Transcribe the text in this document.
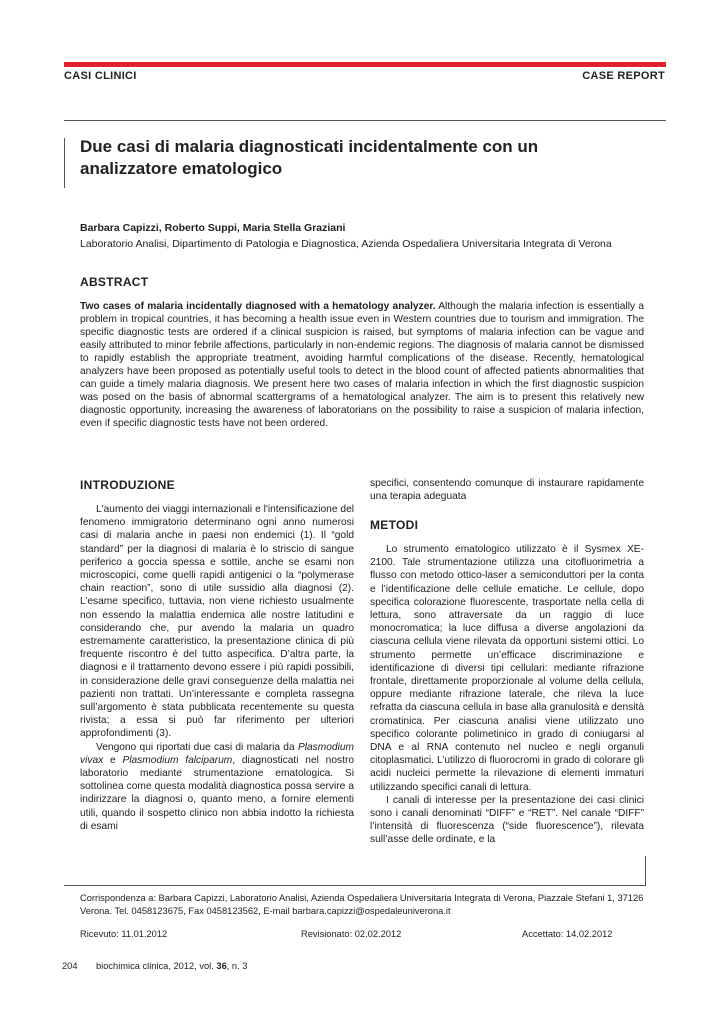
CASI CLINICI	CASE REPORT
Due casi di malaria diagnosticati incidentalmente con un analizzatore ematologico
Barbara Capizzi, Roberto Suppi, Maria Stella Graziani
Laboratorio Analisi, Dipartimento di Patologia e Diagnostica, Azienda Ospedaliera Universitaria Integrata di Verona
ABSTRACT
Two cases of malaria incidentally diagnosed with a hematology analyzer. Although the malaria infection is essentially a problem in tropical countries, it has becoming a health issue even in Western countries due to tourism and immigration. The specific diagnostic tests are ordered if a clinical suspicion is raised, but symptoms of malaria infection can be vague and easily attributed to minor febrile affections, particularly in non-endemic regions. The diagnosis of malaria cannot be dismissed to rapidly establish the appropriate treatment, avoiding harmful complications of the disease. Recently, hematological analyzers have been proposed as potentially useful tools to detect in the blood count of affected patients abnormalities that can guide a timely malaria diagnosis. We present here two cases of malaria infection in which the first diagnostic suspicion was posed on the basis of abnormal scattergrams of a hematological analyzer. The aim is to present this relatively new diagnostic opportunity, increasing the awareness of laboratorians on the possibility to raise a suspicion of malaria infection, even if specific diagnostic tests have not been ordered.
INTRODUZIONE

L'aumento dei viaggi internazionali e l'intensificazione del fenomeno immigratorio determinano ogni anno numerosi casi di malaria anche in paesi non endemici (1). Il “gold standard” per la diagnosi di malaria è lo striscio di sangue periferico a goccia spessa e sottile, anche se esami non microscopici, come quelli rapidi antigenici o la “polymerase chain reaction”, sono di utile sussidio alla diagnosi (2). L’esame specifico, tuttavia, non viene richiesto usualmente non essendo la malattia endemica alle nostre latitudini e considerando che, pur avendo la malaria un quadro estremamente caratteristico, la presentazione clinica di più frequente riscontro è del tutto aspecifica. D’altra parte, la diagnosi e il trattamento devono essere i più rapidi possibili, in considerazione delle gravi conseguenze della malattia nei pazienti non trattati. Un’interessante e completa rassegna sull’argomento è stata pubblicata recentemente su questa rivista; a essa si può far riferimento per ulteriori approfondimenti (3).

Vengono qui riportati due casi di malaria da Plasmodium vivax e Plasmodium falciparum, diagnosticati nel nostro laboratorio mediante strumentazione ematologica. Si sottolinea come questa modalità diagnostica possa servire a indirizzare la diagnosi o, quanto meno, a fornire elementi utili, quando il sospetto clinico non abbia indotto la richiesta di esami

specifici, consentendo comunque di instaurare rapidamente una terapia adeguata

METODI

Lo strumento ematologico utilizzato è il Sysmex XE-2100. Tale strumentazione utilizza una citofluorimetria a flusso con metodo ottico-laser a semiconduttori per la conta e l’identificazione delle cellule ematiche. Le cellule, dopo specifica colorazione fluorescente, trasportate nella cella di lettura, sono attraversate da un raggio di luce monocromatica; la luce diffusa a diverse angolazioni da ciascuna cellula viene rilevata da opportuni sistemi ottici. Lo strumento permette un’efficace discriminazione e identificazione di diversi tipi cellulari: mediante rifrazione frontale, direttamente proporzionale al volume della cellula, oppure mediante rifrazione laterale, che rileva la luce refratta da ciascuna cellula in base alla granulosità e densità cromatinica. Per ciascuna analisi viene utilizzato uno specifico colorante polimetinico in grado di coniugarsi al DNA e al RNA contenuto nel nucleo e negli organuli citoplasmatici. L’utilizzo di fluorocromi in grado di colorare gli acidi nucleici permette la rilevazione di elementi immaturi utilizzando specifici canali di lettura.

I canali di interesse per la presentazione dei casi clinici sono i canali denominati “DIFF” e “RET”. Nel canale “DIFF” l’intensità di fluorescenza (“side fluorescence”), rilevata sull’asse delle ordinate, e la

Corrispondenza a: Barbara Capizzi, Laboratorio Analisi, Azienda Ospedaliera Universitaria Integrata di Verona, Piazzale Stefani 1, 37126 Verona. Tel. 0458123675, Fax 0458123562, E-mail barbara.capizzi@ospedaleuniverona.it
Ricevuto: 11.01.2012	Revisionato: 02.02.2012	Accettato: 14.02.2012
204 biochimica clinica, 2012, vol. 36, n. 3
